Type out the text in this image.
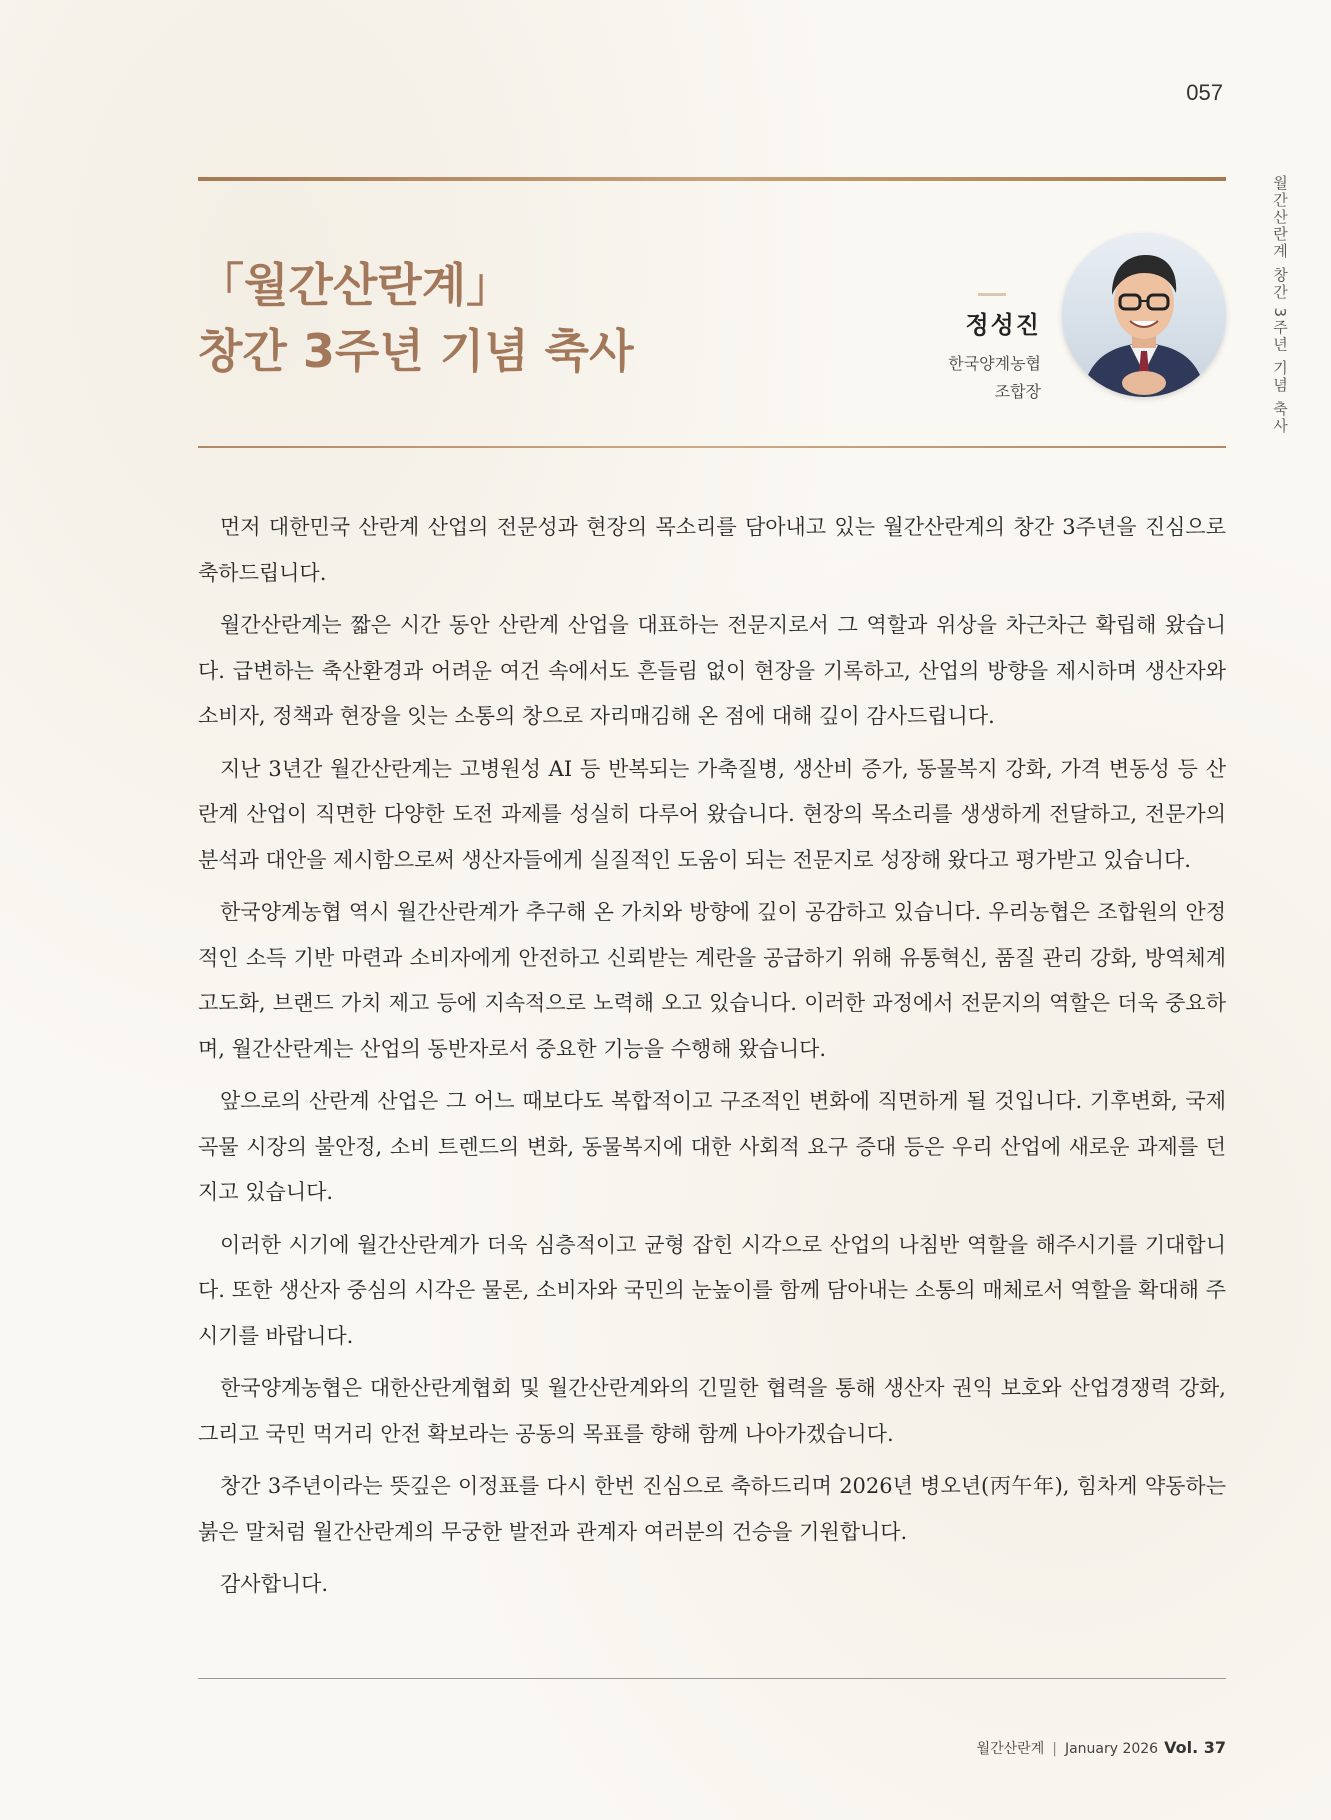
057
월간산란계 창간 3주년 기념 축사
「월간산란계」
창간 3주년 기념 축사	정성진
한국양계농협
조합장

먼저 대한민국 산란계 산업의 전문성과 현장의 목소리를 담아내고 있는 월간산란계의 창간 3주년을 진심으로 축하드립니다.

월간산란계는 짧은 시간 동안 산란계 산업을 대표하는 전문지로서 그 역할과 위상을 차근차근 확립해 왔습니다. 급변하는 축산환경과 어려운 여건 속에서도 흔들림 없이 현장을 기록하고, 산업의 방향을 제시하며 생산자와 소비자, 정책과 현장을 잇는 소통의 창으로 자리매김해 온 점에 대해 깊이 감사드립니다.

지난 3년간 월간산란계는 고병원성 AI 등 반복되는 가축질병, 생산비 증가, 동물복지 강화, 가격 변동성 등 산란계 산업이 직면한 다양한 도전 과제를 성실히 다루어 왔습니다. 현장의 목소리를 생생하게 전달하고, 전문가의 분석과 대안을 제시함으로써 생산자들에게 실질적인 도움이 되는 전문지로 성장해 왔다고 평가받고 있습니다.

한국양계농협 역시 월간산란계가 추구해 온 가치와 방향에 깊이 공감하고 있습니다. 우리농협은 조합원의 안정적인 소득 기반 마련과 소비자에게 안전하고 신뢰받는 계란을 공급하기 위해 유통혁신, 품질 관리 강화, 방역체계 고도화, 브랜드 가치 제고 등에 지속적으로 노력해 오고 있습니다. 이러한 과정에서 전문지의 역할은 더욱 중요하며, 월간산란계는 산업의 동반자로서 중요한 기능을 수행해 왔습니다.

앞으로의 산란계 산업은 그 어느 때보다도 복합적이고 구조적인 변화에 직면하게 될 것입니다. 기후변화, 국제 곡물 시장의 불안정, 소비 트렌드의 변화, 동물복지에 대한 사회적 요구 증대 등은 우리 산업에 새로운 과제를 던지고 있습니다.

이러한 시기에 월간산란계가 더욱 심층적이고 균형 잡힌 시각으로 산업의 나침반 역할을 해주시기를 기대합니다. 또한 생산자 중심의 시각은 물론, 소비자와 국민의 눈높이를 함께 담아내는 소통의 매체로서 역할을 확대해 주시기를 바랍니다.

한국양계농협은 대한산란계협회 및 월간산란계와의 긴밀한 협력을 통해 생산자 권익 보호와 산업경쟁력 강화, 그리고 국민 먹거리 안전 확보라는 공동의 목표를 향해 함께 나아가겠습니다.

창간 3주년이라는 뜻깊은 이정표를 다시 한번 진심으로 축하드리며 2026년 병오년(丙午年), 힘차게 약동하는 붉은 말처럼 월간산란계의 무궁한 발전과 관계자 여러분의 건승을 기원합니다.

감사합니다.

월간산란계 | January 2026 Vol. 37
